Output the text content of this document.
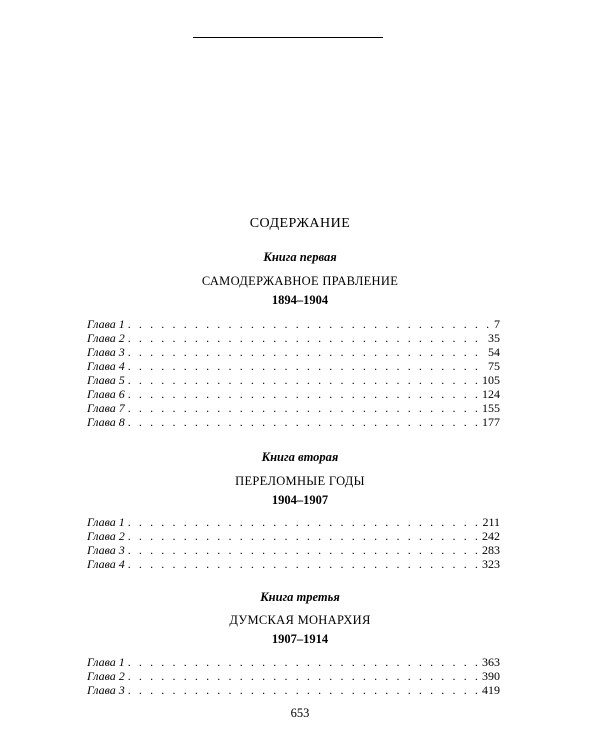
СОДЕРЖАНИЕ
Книга первая
САМОДЕРЖАВНОЕ ПРАВЛЕНИЕ
1894–1904
Глава 1 . . .	7
Глава 2 . . .	35
Глава 3 . . .	54
Глава 4 . . .	75
Глава 5 . . .	105
Глава 6 . . .	124
Глава 7 . . .	155
Глава 8 . . .	177
Книга вторая
ПЕРЕЛОМНЫЕ ГОДЫ
1904–1907
Глава 1 . . .	211
Глава 2 . . .	242
Глава 3 . . .	283
Глава 4 . . .	323
Книга третья
ДУМСКАЯ МОНАРХИЯ
1907–1914
Глава 1 . . .	363
Глава 2 . . .	390
Глава 3 . . .	419
653
